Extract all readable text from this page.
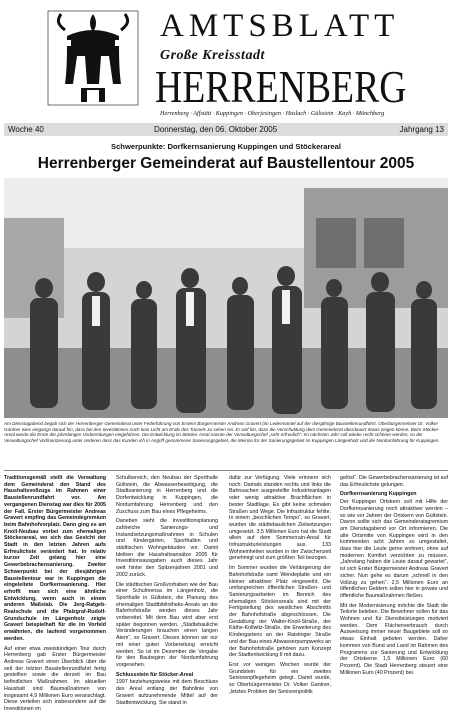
AMTSBLATT
Große Kreisstadt
HERRENBERG
Herrenberg · Affstätt · Kuppingen · Oberjesingen · Haslach · Gültstein · Kayh · Mönchberg
Woche 40	Donnerstag, den 06. Oktober 2005	Jahrgang 13
Schwerpunkte: Dorfkernsanierung Kuppingen und Stöckerareal
Herrenberger Gemeinderat auf Baustellentour 2005
Am Dienstagabend begab sich der Herrenberger Gemeinderat unter Federführung von Erstem Bürgermeister Andreas Gravert (im Ledermantel auf der diesjährige Baustellenrundfahrt. Oberbürgermeister Dr. Volker Gantner wies eingangs darauf hin, dass bei den Investitionen noch kein Licht am Ende des Tunnels zu sehen sei. Er wirf hin, dass die Verschuldung dem Gemeinderat überdauert etwas zeigen könne. Beim Stöcker-Areal werde die Ernte der jahrelangen Vorbereitungen eingefahren. Die Entwicklung im Stöcker Areal nannte der Verwaltungschef „sehr erfreulich“. Im nächsten Jahr soll wieder recht schöner werden, so der Verwaltungschef Vorfinanzierung unter anderen dass das Kunden ich in Angriff genommene Sanierungsgebiet, die Meinsa für der Sanierungsgebiet im Kuppingen Längenholz und die Nordumfahrung für Kuppingen.

Traditionsgemäß stellt die Verwaltung dem Gemeinderat den Stand des Haushaltsvollzugs im Rahmen einer Baustellenrundfahrt vor. Am vergangenen Dienstag war dies für 2005 der Fall. Erster Bürgermeister Andreas Gravert empfing das Gemeindegremium beim Bahnhofvorplatz. Dann ging es am Knoll-Neubau vorbei zum ehemaligen Stöckerareal, wo sich das Gesicht der Stadt in den letzten Jahren aufs Erfreulichste verändert hat. In relativ kurzer Zeit gelang hier eine Gewerbebrachensanierung. Zweiter Schwerpunkt bei der diesjährigen Baustellentour war in Kuppingen die eingeleitete Dorfkernsanierung. Hier erhofft man sich eine ähnliche Entwicklung, wenn auch in einem anderen Maßstab. Die Jerg-Ratgeb-Realschule und die Pfalzgraf-Rudolf-Grundschule im Längenholz zeigte Gravert beispielhaft für die im Vorfeld erwähnten, die laufend vorgenommen werden.

Auf einer etwa zweistündigen Tour durch Herrenberg gab Erster Bürgermeister Andreas Gravert einen Überblick über die seit der letzten Baustellenrundfahrt fertig gestellten sowie die derzeit im Bau befindlichen Maßnahmen. Im aktuellen Haushalt sind Baumaßnahmen von insgesamt 4,9 Millionen Euro veranschlagt. Diese verteilen sich insbesondere auf die Investitionen im

Schulbereich, den Neubau der Sporthalle Gültstein, die Abwasserbeseitigung, die Stadtsanierung in Herrenberg und die Dorfentwicklung in Kuppingen, die Nordumfahrung Herrenberg und den Zuschuss zum Bau eines Pflegeheims.

Daneben sieht die Investitionsplanung zahlreiche Sanierungs- und Instandsetzungsmaßnahmen in Schulen und Kindergärten, Sporthallen und städtischen Wohngebäuden vor. Damit bleiben die Haushaltsansätze 2005 für Investitionsausgaben auch dieses Jahr weit hinter den Spitzenjahren 2001 und 2002 zurück.

Die städtischen Großvorhaben wie der Bau einer Schulmensa im Längenholz, die Sporthalle in Gültstein, die Planung des ehemaligen Stadtbibliotheks-Areals an der Bahnhofstraße werden dieses Jahr vorbereitet. Mit dem Bau wird aber erst später begonnen werden. „Städtebauliche Veränderungen brauchen einen langen Atem“, so Gravert. Dieses können wir nur mit einer guten Vorbereitung erreicht werden. So ist im Dezember die Vergabe für den Baubeginn der Nordumfahrung vorgesehen.

Schlussstein für Stöcker-Areal

1997 beziehungsweise mit dem Beschluss des Areal entlang der Bahnlinie von Gravert aufzunehmende Mittel auf der Stadtentwicklung. Sie stand in

dafür zur Verfügung. Viele erinnern sich noch: Damals standen rechts und links die Bahnsachen ausgestellte Industrieanlagen oder wenig attraktive Brachflächen in bester Stadtlage. Es gibt keine schmalen Straßen und Wege. Die Infrastruktur fehlte. In einem „beschlichen Tempo“, so Gravert, wurden die städtebaulichen Zielsetzungen umgesetzt. 3,5 Millionen Euro hat die Stadt allein auf dem Sommerrain-Areal für Infrastrukturleistungen aus. 133 Wohneinheiten wurden in der Zwischenzeit genehmigt und zum größten Teil bezogen.

Im Sommer wurden die Verlängerung der Bahnhofstraße samt Wendeplatte und ein kleiner attraktiver Platz eingeweiht. Die umfangreichen öffentlichen Straßen- und Sanierungsarbeiten im Bereich des ehemaligen Stöckerareals sind mit der Fertigstellung des westlichen Abschnitts der Bahnhofstraße abgeschlossen. Die Gestaltung der Walter-Knoll-Straße, der Käthe-Kollwitz-Straße, die Erweiterung des Kindergartens an der Raistinger Straße und der Bau eines Abwasserpumpwerks an der Bahnhofstraße gehören zum Konzept der Stadtentwicklung II mit dazu.

Erst vor wenigen Wochen wurde der Grundstein für ein zweites Seniorenpflegeheim gelegt. Damit wurde, so Oberbürgermeister Dr. Volker Gantner, „letztes Problem der Seniorenpolitik

gelöst“. Die Gewerbebrachensanierung ist auf das Erfreulichste gelungen.

Dorfkernsanierung Kuppingen

Der Kuppinger Ortskern soll mit Hilfe der Dorfkernsanierung noch attraktiver werden – so wie vor Jahren der Ortskern von Gültstein. Davon sollte sich das Gemeinderatsgremium am Dienstagabend vor Ort informieren. Die alte Ortsmitte von Kuppingen wird in den kommenden acht Jahren so umgestaltet, dass hier die Leute gerne wohnen, ohne auf modernen Komfort verzichten zu müssen. „Jahrelang haben die Leute darauf gewartet“, ist sich Erster Bürgermeister Andreas Gravert sicher. Nun gehe es darum „schnell in den Vollzug zu gehen“. 2,5 Millionen Euro an öffentlichen Geldern sollen hier in private und öffentliche Baumaßnahmen fließen.

Mit der Modernisierung möchte die Stadt die Teilorte beleben. Die Bewohner sollen für das Wohnen und für Dienstleistungen motiviert werden. Dem Flächenverbrauch durch Ausweisung immer neuer Baugebiete soll so etwas Einhalt geboten werden. Daher kommen von Bund und Land im Rahmen des Programms zur Sanierung und Entwicklung der Ortskerne 1,5 Millionen Euro (60 Prozent). Die Stadt Herrenberg steuert eine Millionen Euro (40 Prozent) bei.
